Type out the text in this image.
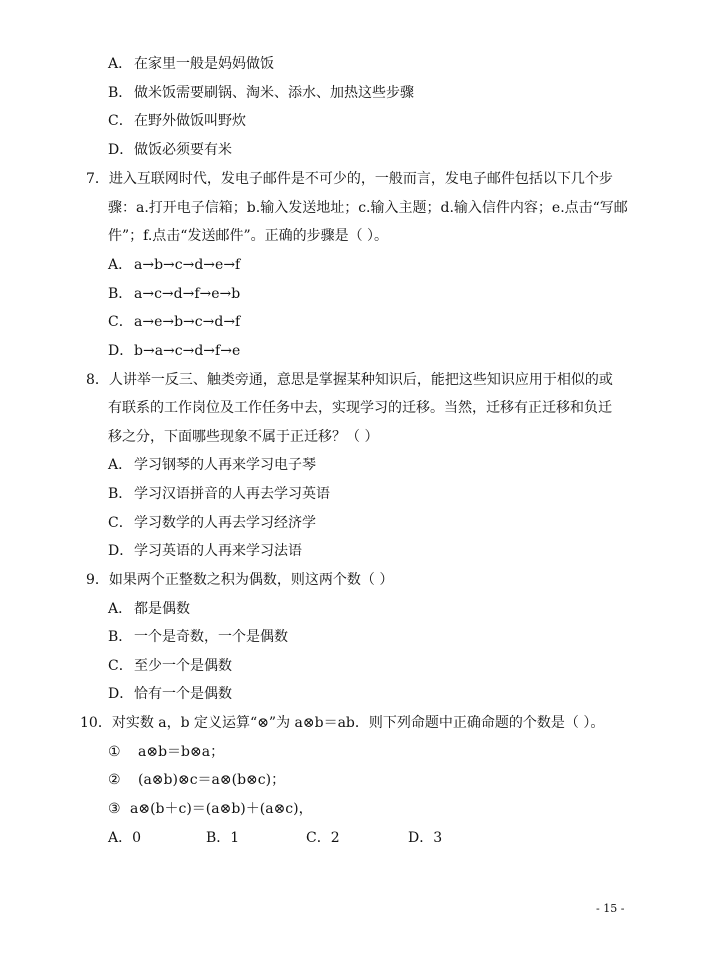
A． 在家里一般是妈妈做饭
B． 做米饭需要刷锅、淘米、添水、加热这些步骤
C．在野外做饭叫野炊
D．做饭必须要有米
7．进入互联网时代，发电子邮件是不可少的，一般而言，发电子邮件包括以下几个步
骤：a.打开电子信箱；b.输入发送地址；c.输入主题；d.输入信件内容；e.点击“写邮
件”；f.点击“发送邮件”。正确的步骤是（ ）。
A． a→b→c→d→e→f
B． a→c→d→f→e→b
C．a→e→b→c→d→f
D．b→a→c→d→f→e
8．人讲举一反三、触类旁通，意思是掌握某种知识后，能把这些知识应用于相似的或
有联系的工作岗位及工作任务中去，实现学习的迁移。当然，迁移有正迁移和负迁
移之分，下面哪些现象不属于正迁移？（ ）
A． 学习钢琴的人再来学习电子琴
B． 学习汉语拼音的人再去学习英语
C．学习数学的人再去学习经济学
D．学习英语的人再来学习法语
9．如果两个正整数之积为偶数，则这两个数（ ）
A． 都是偶数
B． 一个是奇数，一个是偶数
C．至少一个是偶数
D．恰有一个是偶数
10．对实数 a，b 定义运算“⊗”为 a⊗b＝ab．则下列命题中正确命题的个数是（ ）。
① a⊗b＝b⊗a；
② (a⊗b)⊗c＝a⊗(b⊗c)；
③ a⊗(b＋c)＝(a⊗b)＋(a⊗c)，
A．0	B．1	C．2	D．3
- 15 -
